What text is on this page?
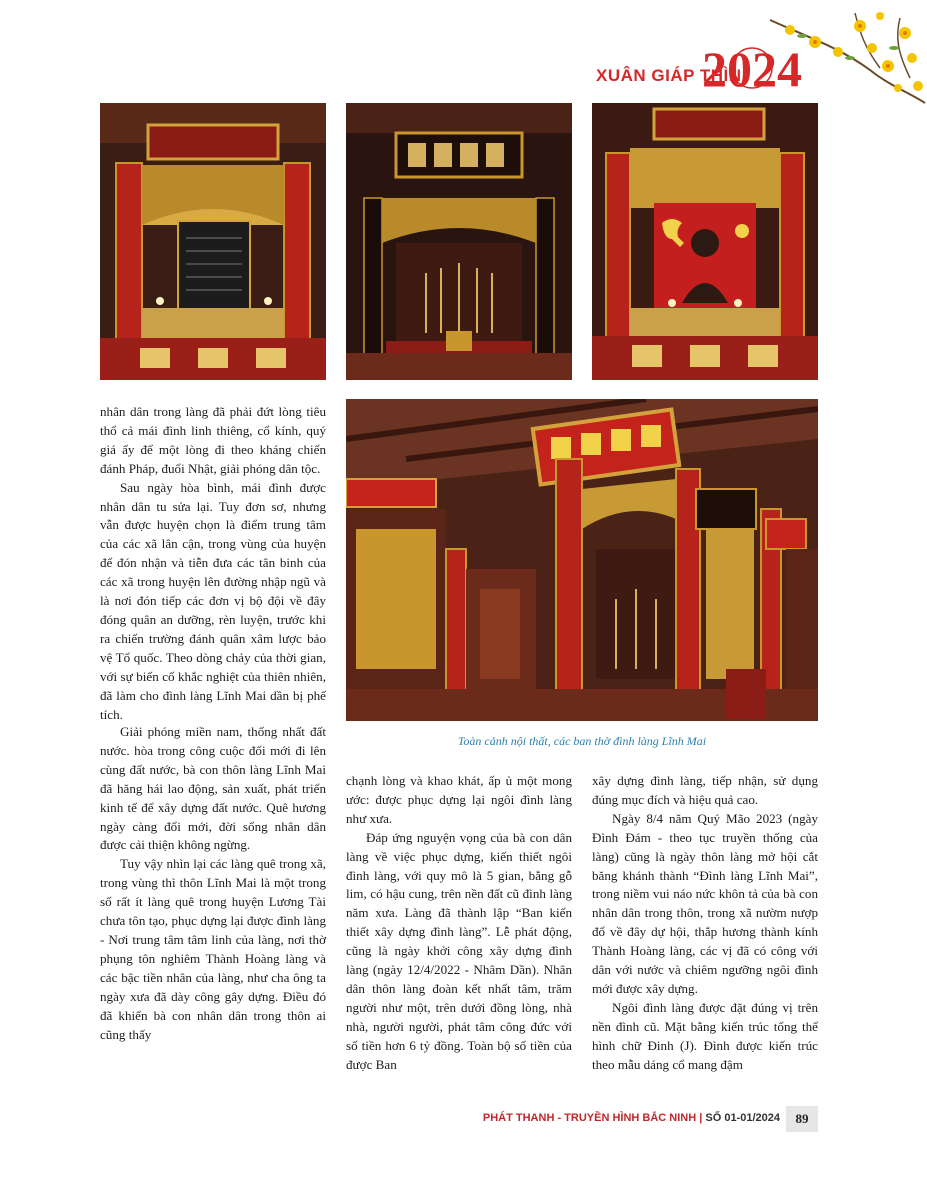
2024
XUÂN GIÁP THÌN
Toàn cảnh nội thất, các ban thờ đình làng Lĩnh Mai

nhân dân trong làng đã phải đứt lòng tiêu thổ cả mái đình linh thiêng, cổ kính, quý giá ấy để một lòng đi theo kháng chiến đánh Pháp, đuổi Nhật, giải phóng dân tộc.

Sau ngày hòa bình, mái đình được nhân dân tu sửa lại. Tuy đơn sơ, nhưng vẫn được huyện chọn là điểm trung tâm của các xã lân cận, trong vùng của huyện để đón nhận và tiễn đưa các tân binh của các xã trong huyện lên đường nhập ngũ và là nơi đón tiếp các đơn vị bộ đội về đây đóng quân an dưỡng, rèn luyện, trước khi ra chiến trường đánh quân xâm lược bảo vệ Tổ quốc. Theo dòng chảy của thời gian, với sự biến cố khắc nghiệt của thiên nhiên, đã làm cho đình làng Lĩnh Mai dần bị phế tích.

Giải phóng miền nam, thống nhất đất nước. hòa trong công cuộc đổi mới đi lên cùng đất nước, bà con thôn làng Lĩnh Mai đã hăng hái lao động, sản xuất, phát triển kinh tế để xây dựng đất nước. Quê hương ngày càng đổi mới, đời sống nhân dân được cải thiện không ngừng.

Tuy vậy nhìn lại các làng quê trong xã, trong vùng thì thôn Lĩnh Mai là một trong số rất ít làng quê trong huyện Lương Tài chưa tôn tạo, phục dựng lại được đình làng - Nơi trung tâm tâm linh của làng, nơi thờ phụng tôn nghiêm Thành Hoàng làng và các bậc tiền nhân của làng, như cha ông ta ngày xưa đã dày công gây dựng. Điều đó đã khiến bà con nhân dân trong thôn ai cũng thấy

chạnh lòng và khao khát, ấp ủ một mong ước: được phục dựng lại ngôi đình làng như xưa.

Đáp ứng nguyện vọng của bà con dân làng về việc phục dựng, kiến thiết ngôi đình làng, với quy mô là 5 gian, bằng gỗ lim, có hậu cung, trên nền đất cũ đình làng năm xưa. Làng đã thành lập “Ban kiến thiết xây dựng đình làng”. Lễ phát động, cũng là ngày khởi công xây dựng đình làng (ngày 12/4/2022 - Nhâm Dần). Nhân dân thôn làng đoàn kết nhất tâm, trăm người như một, trên dưới đồng lòng, nhà nhà, người người, phát tâm công đức với số tiền hơn 6 tỷ đồng. Toàn bộ số tiền của được Ban

xây dựng đình làng, tiếp nhận, sử dụng đúng mục đích và hiệu quả cao.

Ngày 8/4 năm Quý Mão 2023 (ngày Đình Đám - theo tục truyền thống của làng) cũng là ngày thôn làng mở hội cắt băng khánh thành “Đình làng Lĩnh Mai”, trong niềm vui náo nức khôn tả của bà con nhân dân trong thôn, trong xã nườm nượp đổ về đây dự hội, thắp hương thành kính Thành Hoàng làng, các vị đã có công với dân với nước và chiêm ngưỡng ngôi đình mới được xây dựng.

Ngôi đình làng được đặt đúng vị trên nền đình cũ. Mặt bằng kiến trúc tổng thể hình chữ Đinh (J). Đình được kiến trúc theo mẫu dáng cổ mang đậm

PHÁT THANH - TRUYỀN HÌNH BẮC NINH | SỐ 01-01/2024	89
